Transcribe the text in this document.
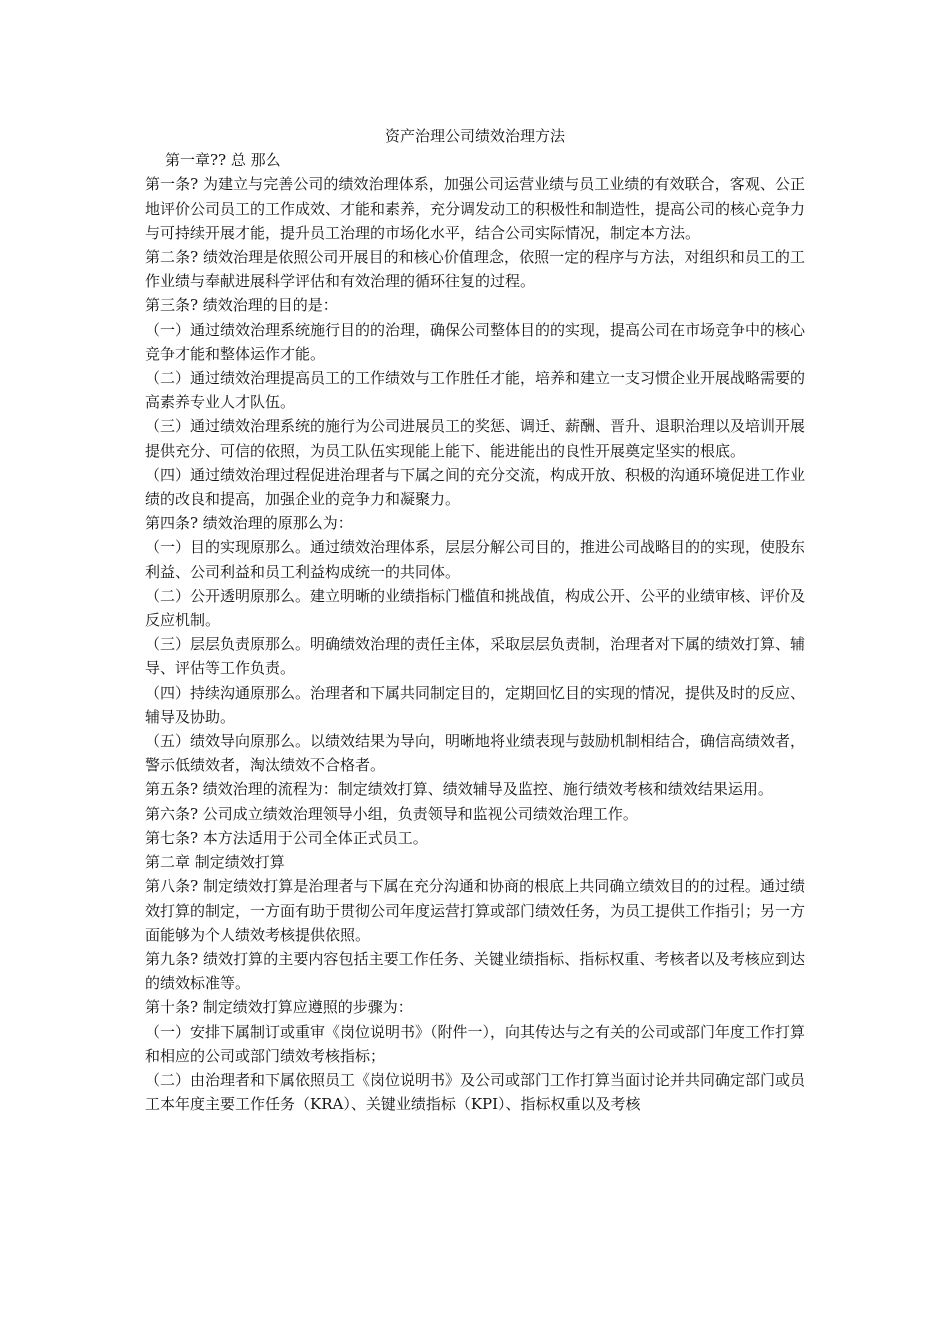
资产治理公司绩效治理方法

第一章?? 总 那么

第一条? 为建立与完善公司的绩效治理体系，加强公司运营业绩与员工业绩的有效联合，客观、公正地评价公司员工的工作成效、才能和素养，充分调发动工的积极性和制造性，提高公司的核心竞争力与可持续开展才能，提升员工治理的市场化水平，结合公司实际情况，制定本方法。

第二条? 绩效治理是依照公司开展目的和核心价值理念，依照一定的程序与方法，对组织和员工的工作业绩与奉献进展科学评估和有效治理的循环往复的过程。

第三条? 绩效治理的目的是：

（一）通过绩效治理系统施行目的的治理，确保公司整体目的的实现，提高公司在市场竞争中的核心竞争才能和整体运作才能。

（二）通过绩效治理提高员工的工作绩效与工作胜任才能，培养和建立一支习惯企业开展战略需要的高素养专业人才队伍。

（三）通过绩效治理系统的施行为公司进展员工的奖惩、调迁、薪酬、晋升、退职治理以及培训开展提供充分、可信的依照，为员工队伍实现能上能下、能进能出的良性开展奠定坚实的根底。

（四）通过绩效治理过程促进治理者与下属之间的充分交流，构成开放、积极的沟通环境促进工作业绩的改良和提高，加强企业的竞争力和凝聚力。

第四条? 绩效治理的原那么为：

（一）目的实现原那么。通过绩效治理体系，层层分解公司目的，推进公司战略目的的实现，使股东利益、公司利益和员工利益构成统一的共同体。

（二）公开透明原那么。建立明晰的业绩指标门槛值和挑战值，构成公开、公平的业绩审核、评价及反应机制。

（三）层层负责原那么。明确绩效治理的责任主体，采取层层负责制，治理者对下属的绩效打算、辅导、评估等工作负责。

（四）持续沟通原那么。治理者和下属共同制定目的，定期回忆目的实现的情况，提供及时的反应、辅导及协助。

（五）绩效导向原那么。以绩效结果为导向，明晰地将业绩表现与鼓励机制相结合，确信高绩效者，警示低绩效者，淘汰绩效不合格者。

第五条? 绩效治理的流程为：制定绩效打算、绩效辅导及监控、施行绩效考核和绩效结果运用。

第六条? 公司成立绩效治理领导小组，负责领导和监视公司绩效治理工作。

第七条? 本方法适用于公司全体正式员工。

第二章 制定绩效打算

第八条? 制定绩效打算是治理者与下属在充分沟通和协商的根底上共同确立绩效目的的过程。通过绩效打算的制定，一方面有助于贯彻公司年度运营打算或部门绩效任务，为员工提供工作指引；另一方面能够为个人绩效考核提供依照。

第九条? 绩效打算的主要内容包括主要工作任务、关键业绩指标、指标权重、考核者以及考核应到达的绩效标准等。

第十条? 制定绩效打算应遵照的步骤为：

（一）安排下属制订或重审《岗位说明书》（附件一），向其传达与之有关的公司或部门年度工作打算和相应的公司或部门绩效考核指标；

（二）由治理者和下属依照员工《岗位说明书》及公司或部门工作打算当面讨论并共同确定部门或员工本年度主要工作任务（KRA）、关键业绩指标（KPI）、指标权重以及考核
